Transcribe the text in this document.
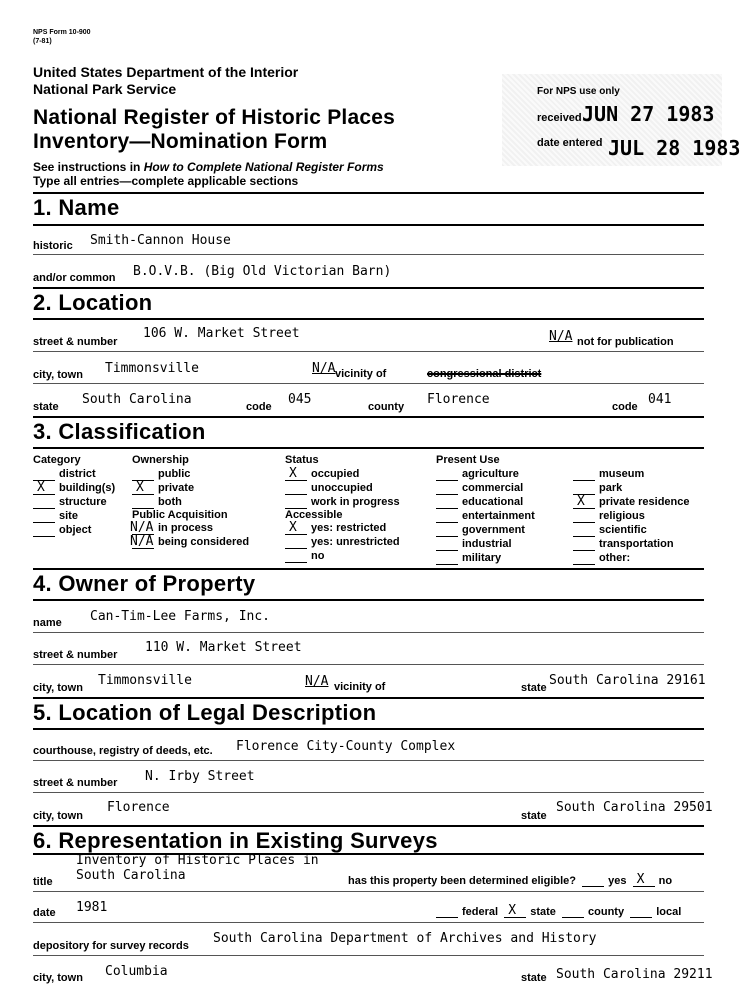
NPS Form 10-900
(7-81)
United States Department of the Interior
National Park Service
National Register of Historic Places
Inventory—Nomination Form
See instructions in How to Complete National Register Forms
Type all entries—complete applicable sections
For NPS use only
received JUN 27 1983
date entered JUL 28 1983
1. Name
historic Smith-Cannon House
and/or common B.O.V.B. (Big Old Victorian Barn)
2. Location
street & number
106 W. Market Street	N/A not for publication
city, town Timmonsville	N/A vicinity of	congressional district
state South Carolina	code 045	county Florence	code 041
3. Classification
Category
district
X building(s)
structure
site
object
Ownership
public
X private
both
Public Acquisition
N/A in process
N/A being considered
Status
X occupied
unoccupied
work in progress
Accessible
X yes: restricted
yes: unrestricted
no
Present Use
agriculture
commercial
educational
entertainment
government
industrial
military
museum
park
X private residence
religious
scientific
transportation
other:
4. Owner of Property
name Can-Tim-Lee Farms, Inc.
street & number 110 W. Market Street
city, town Timmonsville	N/A vicinity of	state South Carolina 29161
5. Location of Legal Description
courthouse, registry of deeds, etc. Florence City-County Complex
street & number N. Irby Street
city, town
Florence
state
South Carolina 29501
6. Representation in Existing Surveys
Inventory of Historic Places in
title South Carolina	has this property been determined eligible?	yes X no
date 1981	federal X state	county	local
depository for survey records South Carolina Department of Archives and History
city, town Columbia	state South Carolina 29211
